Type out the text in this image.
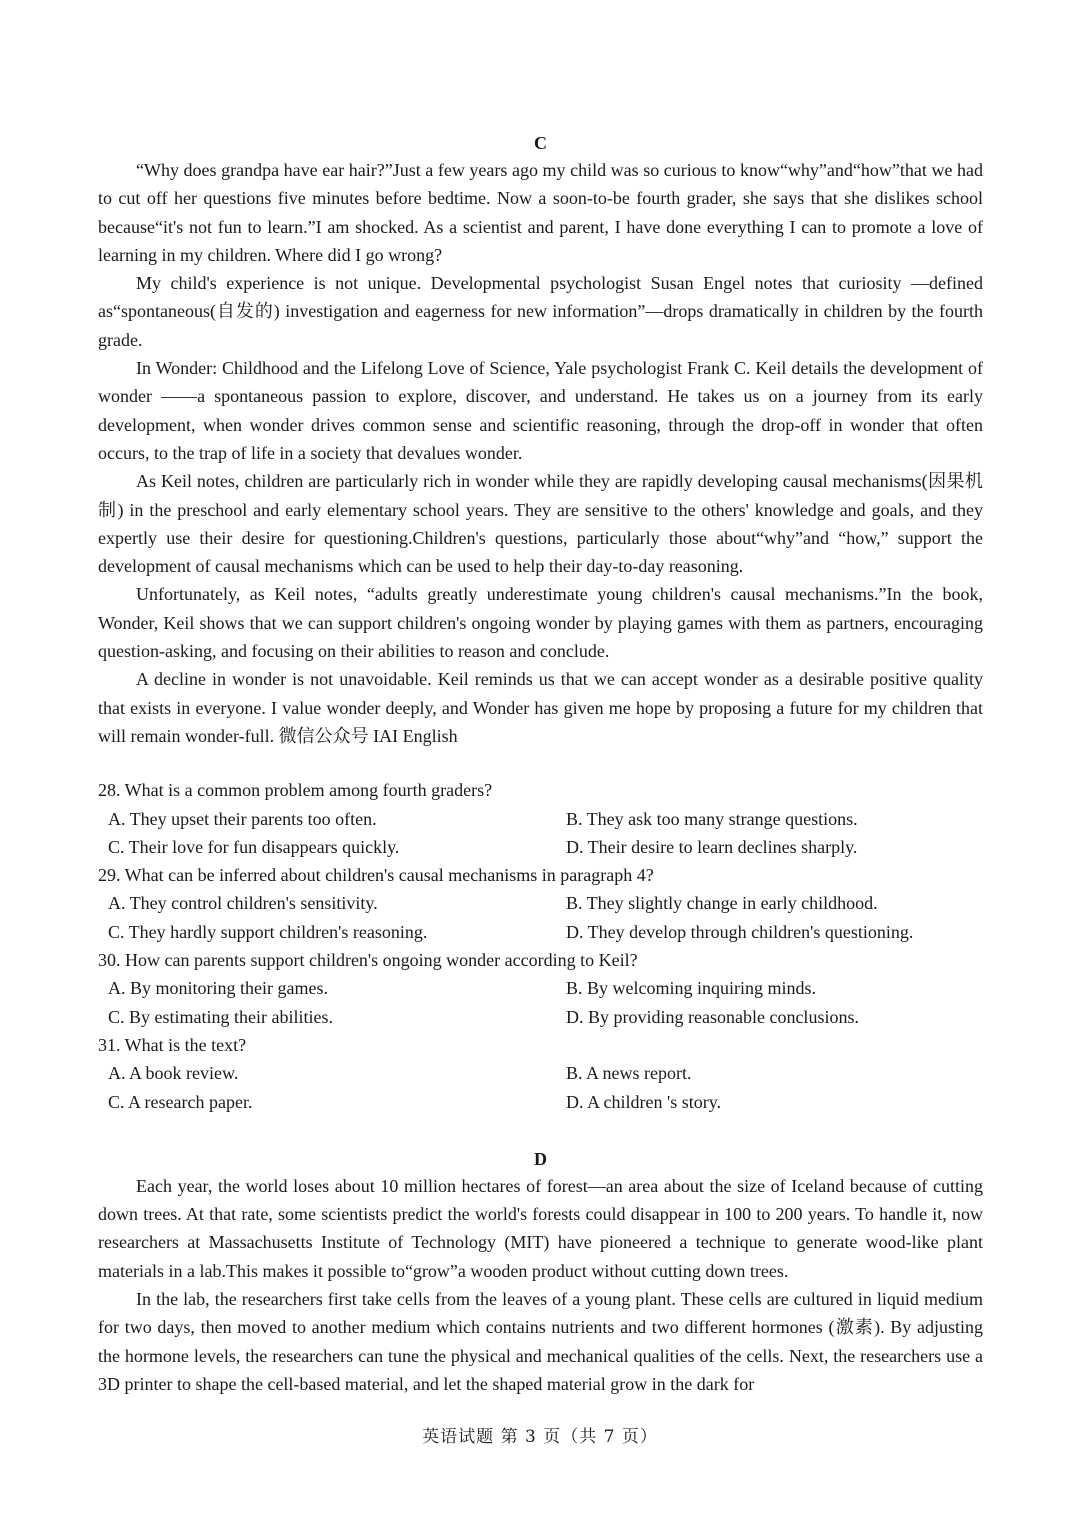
C

“Why does grandpa have ear hair?”Just a few years ago my child was so curious to know“why”and“how”that we had to cut off her questions five minutes before bedtime. Now a soon-to-be fourth grader, she says that she dislikes school because“it's not fun to learn.”I am shocked. As a scientist and parent, I have done everything I can to promote a love of learning in my children. Where did I go wrong?

My child's experience is not unique. Developmental psychologist Susan Engel notes that curiosity —defined as“spontaneous(自发的) investigation and eagerness for new information”—drops dramatically in children by the fourth grade.

In Wonder: Childhood and the Lifelong Love of Science, Yale psychologist Frank C. Keil details the development of wonder ——a spontaneous passion to explore, discover, and understand. He takes us on a journey from its early development, when wonder drives common sense and scientific reasoning, through the drop-off in wonder that often occurs, to the trap of life in a society that devalues wonder.

As Keil notes, children are particularly rich in wonder while they are rapidly developing causal mechanisms(因果机制) in the preschool and early elementary school years. They are sensitive to the others' knowledge and goals, and they expertly use their desire for questioning.Children's questions, particularly those about“why”and “how,” support the development of causal mechanisms which can be used to help their day-to-day reasoning.

Unfortunately, as Keil notes, “adults greatly underestimate young children's causal mechanisms.”In the book, Wonder, Keil shows that we can support children's ongoing wonder by playing games with them as partners, encouraging question-asking, and focusing on their abilities to reason and conclude.

A decline in wonder is not unavoidable. Keil reminds us that we can accept wonder as a desirable positive quality that exists in everyone. I value wonder deeply, and Wonder has given me hope by proposing a future for my children that will remain wonder-full. 微信公众号 IAI English

28. What is a common problem among fourth graders?

A. They upset their parents too often.	B. They ask too many strange questions.
C. Their love for fun disappears quickly.	D. Their desire to learn declines sharply.

29. What can be inferred about children's causal mechanisms in paragraph 4?

A. They control children's sensitivity.	B. They slightly change in early childhood.
C. They hardly support children's reasoning.	D. They develop through children's questioning.

30. How can parents support children's ongoing wonder according to Keil?

A. By monitoring their games.	B. By welcoming inquiring minds.
C. By estimating their abilities.	D. By providing reasonable conclusions.

31. What is the text?

A. A book review.	B. A news report.
C. A research paper.	D. A children 's story.
D

Each year, the world loses about 10 million hectares of forest—an area about the size of Iceland because of cutting down trees. At that rate, some scientists predict the world's forests could disappear in 100 to 200 years. To handle it, now researchers at Massachusetts Institute of Technology (MIT) have pioneered a technique to generate wood-like plant materials in a lab.This makes it possible to“grow”a wooden product without cutting down trees.

In the lab, the researchers first take cells from the leaves of a young plant. These cells are cultured in liquid medium for two days, then moved to another medium which contains nutrients and two different hormones (激素). By adjusting the hormone levels, the researchers can tune the physical and mechanical qualities of the cells. Next, the researchers use a 3D printer to shape the cell-based material, and let the shaped material grow in the dark for

英语试题 第 3 页（共 7 页）
